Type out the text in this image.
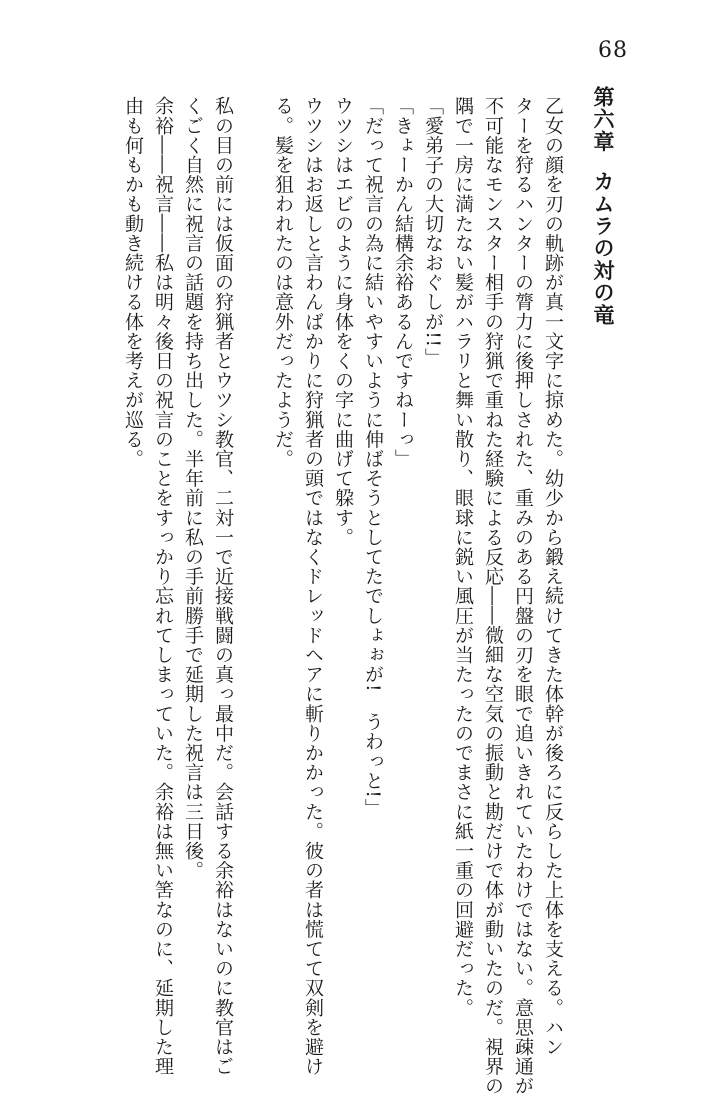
68
第六章カムラの対の竜
乙女の顔を刃の軌跡が真一文字に掠めた。幼少から鍛え続けてきた体幹が後ろに反らした上体を支える。ハン
ターを狩るハンターの膂力に後押しされた、重みのある円盤の刃を眼で追いきれていたわけではない。意思疎通が
不可能なモンスター相手の狩猟で重ねた経験による反応――微細な空気の振動と勘だけで体が動いたのだ。視界の
隅で一房に満たない髪がハラリと舞い散り、眼球に鋭い風圧が当たったのでまさに紙一重の回避だった。
「愛弟子の大切なおぐしが!!」
「きょーかん結構余裕あるんですねーっ」
「だって祝言の為に結いやすいように伸ばそうとしてたでしょぉが!　うわっと!」
ウツシはエビのように身体をくの字に曲げて躱す。
ウツシはお返しと言わんばかりに狩猟者の頭ではなくドレッドヘアに斬りかかった。彼の者は慌てて双剣を避け
る。髪を狙われたのは意外だったようだ。
私の目の前には仮面の狩猟者とウツシ教官、二対一で近接戦闘の真っ最中だ。会話する余裕はないのに教官はご
くごく自然に祝言の話題を持ち出した。半年前に私の手前勝手で延期した祝言は三日後。
余裕――祝言――私は明々後日の祝言のことをすっかり忘れてしまっていた。余裕は無い筈なのに、延期した理
由も何もかも動き続ける体を考えが巡る。
